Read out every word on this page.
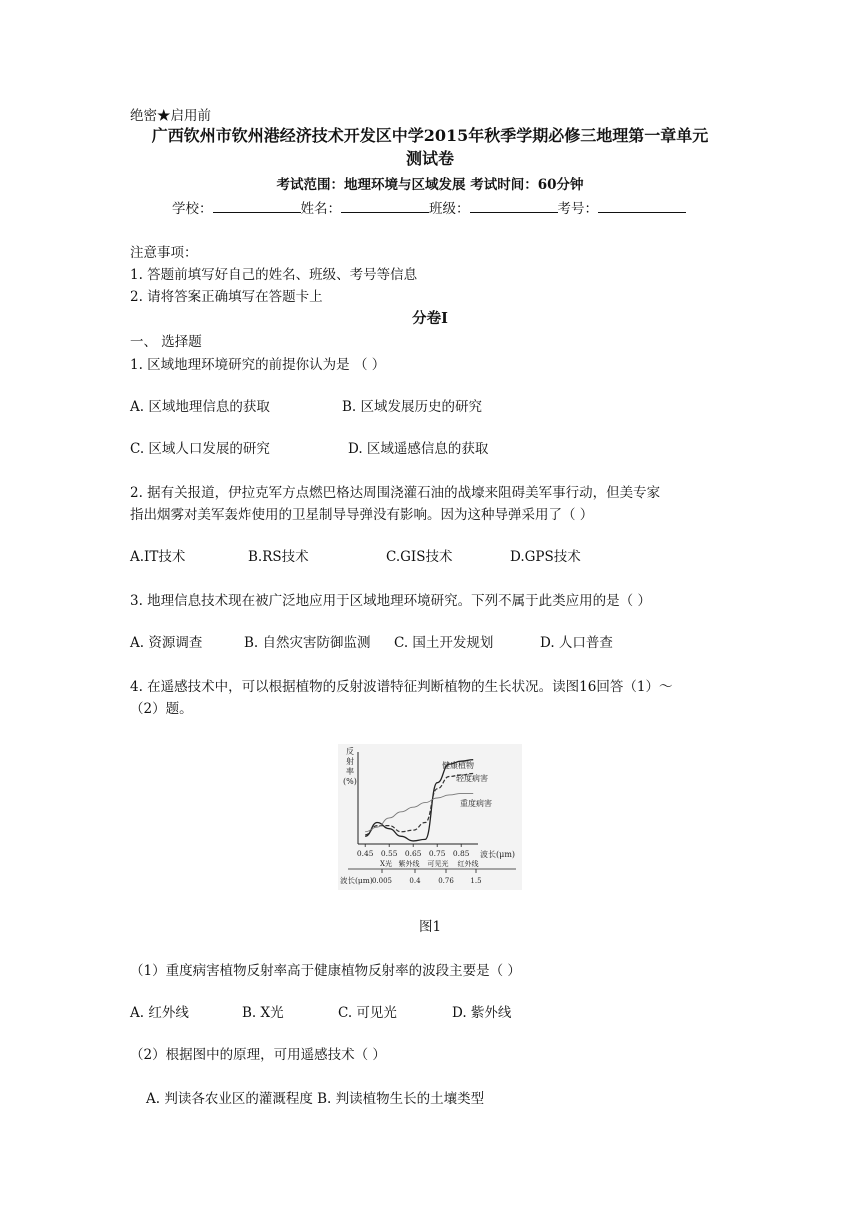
绝密★启用前
广西钦州市钦州港经济技术开发区中学2015年秋季学期必修三地理第一章单元
测试卷
考试范围：地理环境与区域发展 考试时间：60分钟
学校：	姓名：	班级：	考号：
注意事项：
1. 答题前填写好自己的姓名、班级、考号等信息
2. 请将答案正确填写在答题卡上
分卷Ⅰ
一、 选择题
1. 区域地理环境研究的前提你认为是 （ ）
A. 区域地理信息的获取	B. 区域发展历史的研究
C. 区域人口发展的研究	D. 区域遥感信息的获取
2. 据有关报道，伊拉克军方点燃巴格达周围浇灌石油的战壕来阻碍美军事行动，但美专家
指出烟雾对美军轰炸使用的卫星制导导弹没有影响。因为这种导弹采用了（ ）
A.IT技术	B.RS技术	C.GIS技术	D.GPS技术
3. 地理信息技术现在被广泛地应用于区域地理环境研究。下列不属于此类应用的是（ ）
A. 资源调查	B. 自然灾害防御监测 C. 国土开发规划	D. 人口普查
4. 在遥感技术中，可以根据植物的反射波谱特征判断植物的生长状况。读图16回答（1）～
（2）题。
反 射 率 (%)
0.45 0.55 0.65 0.75 0.85 波长(μm)
健康植物
轻度病害
重度病害
X光 紫外线 可见光 红外线
0.005 0.4	0.76 1.5
波长(μm)
图1
（1）重度病害植物反射率高于健康植物反射率的波段主要是（ ）
A. 红外线	B. X光	C. 可见光	D. 紫外线
（2）根据图中的原理，可用遥感技术（ ）
A. 判读各农业区的灌溉程度 B. 判读植物生长的土壤类型
